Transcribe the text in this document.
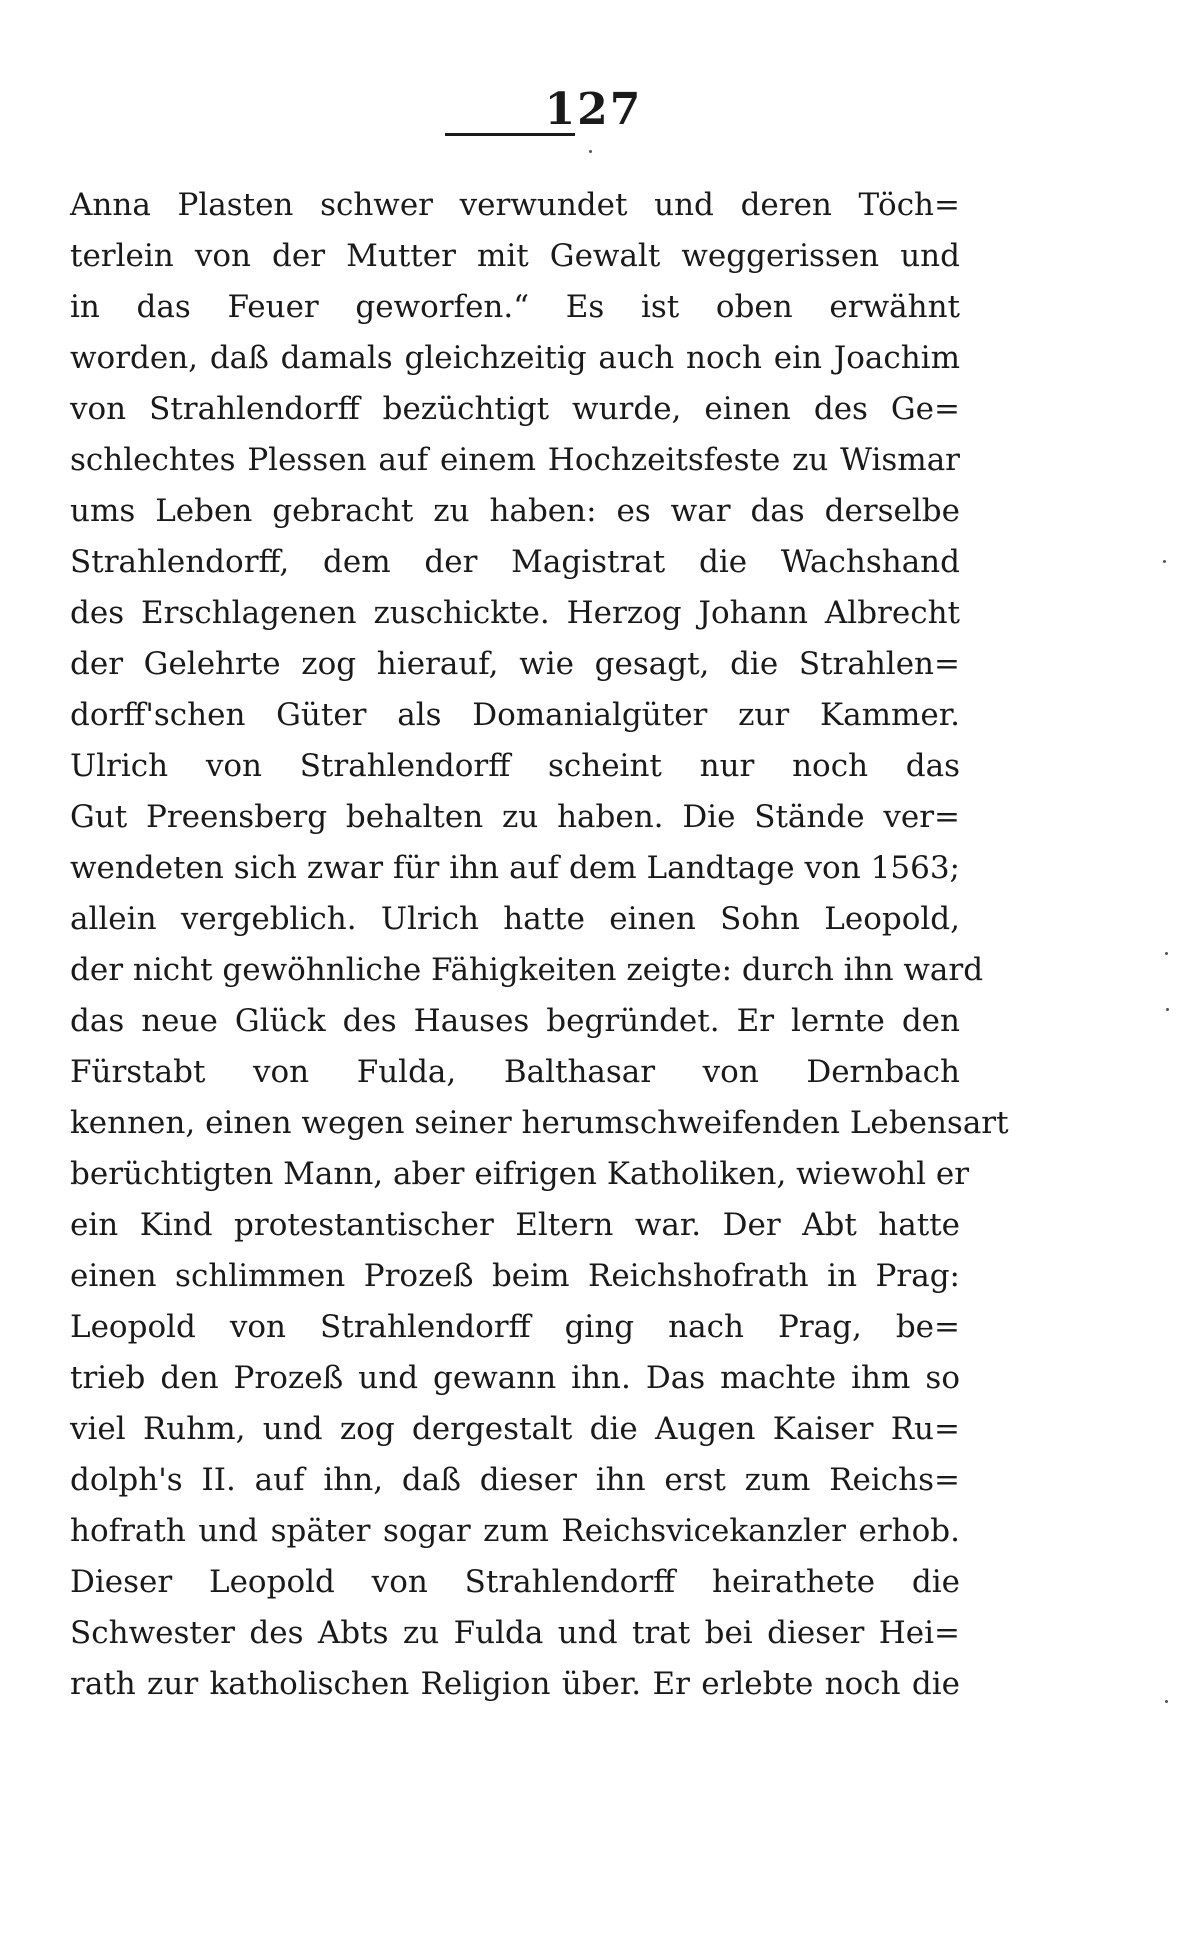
127
Anna Plasten schwer verwundet und deren Töch=
terlein von der Mutter mit Gewalt weggerissen und
in das Feuer geworfen.“ Es ist oben erwähnt
worden, daß damals gleichzeitig auch noch ein Joachim
von Strahlendorff bezüchtigt wurde, einen des Ge=
schlechtes Plessen auf einem Hochzeitsfeste zu Wismar
ums Leben gebracht zu haben: es war das derselbe
Strahlendorff, dem der Magistrat die Wachshand
des Erschlagenen zuschickte. Herzog Johann Albrecht
der Gelehrte zog hierauf, wie gesagt, die Strahlen=
dorff'schen Güter als Domanialgüter zur Kammer.
Ulrich von Strahlendorff scheint nur noch das
Gut Preensberg behalten zu haben. Die Stände ver=
wendeten sich zwar für ihn auf dem Landtage von 1563;
allein vergeblich. Ulrich hatte einen Sohn Leopold,
der nicht gewöhnliche Fähigkeiten zeigte: durch ihn ward
das neue Glück des Hauses begründet. Er lernte den
Fürstabt von Fulda, Balthasar von Dernbach
kennen, einen wegen seiner herumschweifenden Lebensart
berüchtigten Mann, aber eifrigen Katholiken, wiewohl er
ein Kind protestantischer Eltern war. Der Abt hatte
einen schlimmen Prozeß beim Reichshofrath in Prag:
Leopold von Strahlendorff ging nach Prag, be=
trieb den Prozeß und gewann ihn. Das machte ihm so
viel Ruhm, und zog dergestalt die Augen Kaiser Ru=
dolph's II. auf ihn, daß dieser ihn erst zum Reichs=
hofrath und später sogar zum Reichsvicekanzler erhob.
Dieser Leopold von Strahlendorff heirathete die
Schwester des Abts zu Fulda und trat bei dieser Hei=
rath zur katholischen Religion über. Er erlebte noch die
